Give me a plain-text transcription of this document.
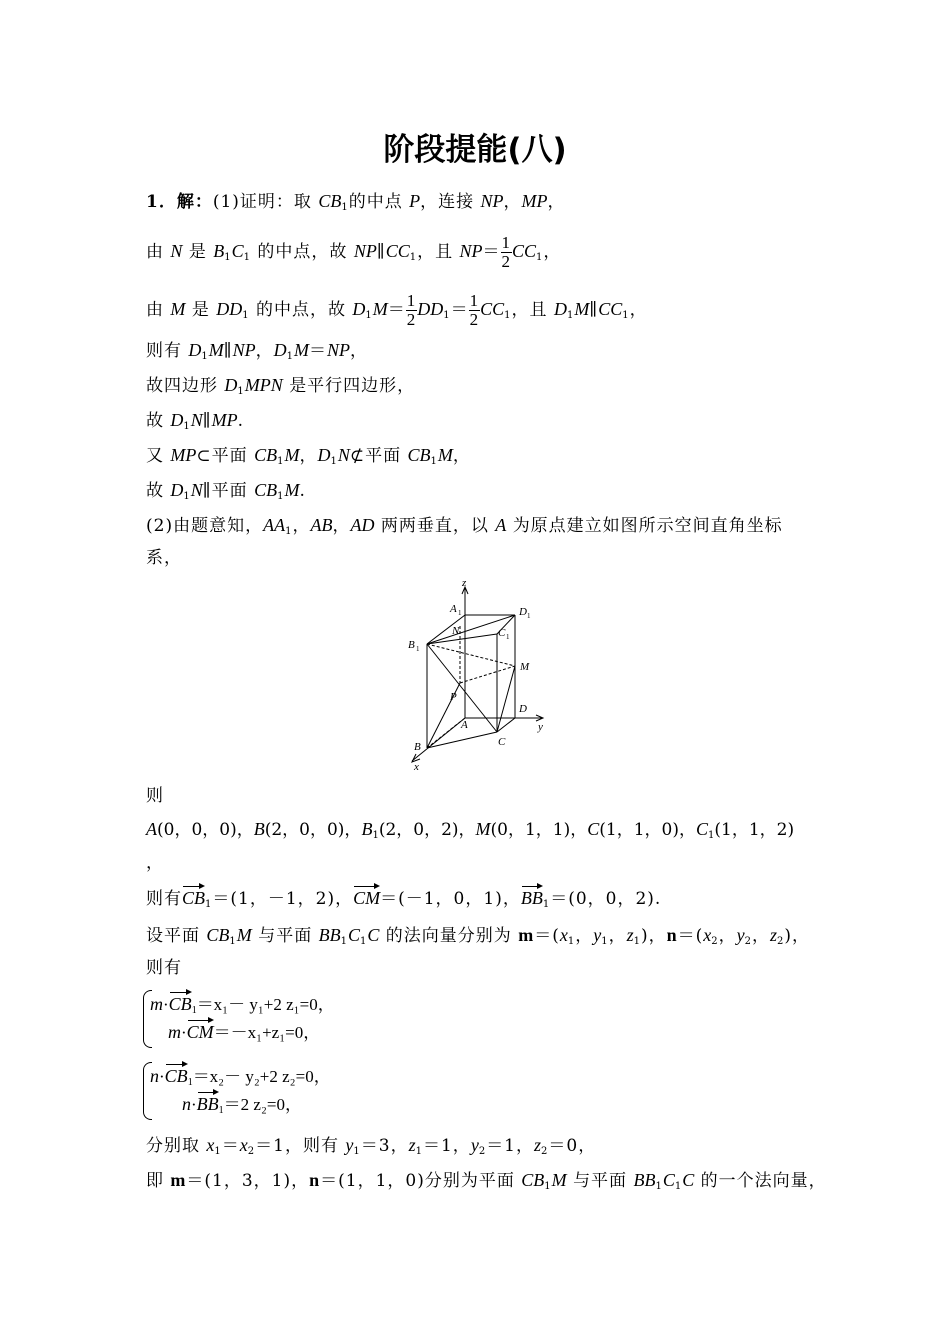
阶段提能(八)
1．解：(1)证明：取 $CB_1$的中点 P，连接 NP，MP，
由 N 是 $B_1C_1$ 的中点，故 $NP\parallel CC_1$，且 $NP= \frac{1}{2} CC_1$，
由 M 是 $DD_1$ 的中点，故 $D_1M= \frac{1}{2} DD_1= \frac{1}{2} CC_1$，且 $D_1M\parallel CC_1$，
则有 $D_1M\parallel NP$，$D_1M=NP$，
故四边形 $D_1MPN$ 是平行四边形，
故 $D_1N\parallel MP$.
又 MP⊂平面 $CB_1M$，$D_1N⊄$平面 $CB_1M$，
故 $D_1N\parallel$平面 $CB_1M$.
(2)由题意知，$AA_1$，AB，AD 两两垂直，以 A 为原点建立如图所示空间直角坐标
系，
z
y
x
A 1	D 1
N	C 1
B 1
M
P
A
D
B	C
则
A(0，0，0)，B(2，0，0)，$B_1(2$，0，2)，M(0，1，1)，C(1，1，0)，$C_1(1$，1，2)
，
则有$CB_1=(1$，－1，2)，CM＝(－1，0，1)，$BB_1=(0$，0，2).
设平面 $CB_1M$ 与平面 $BB_1C_1C$ 的法向量分别为 $m=(x_1$，$y_1$，$z_1$)，$n=(x_2$，$y_2$，$z_2$)，
则有
$m\cdot CB_1=x_1- y_1+2$ z₁=0，
m·CM＝－x₁+z₁=0，
$n\cdot CB_1=x_2- y_2+2$ z₂=0，
$n\cdot BB_1=2$ z₂=0，
分别取 $x_1=x_2=1$，则有 $y_1=3$，$z_1=1$，$y_2=1$，$z_2=0$，
即 m＝(1，3，1)，n＝(1，1，0)分别为平面 $CB_1M$ 与平面 $BB_1C_1C$ 的一个法向量，
